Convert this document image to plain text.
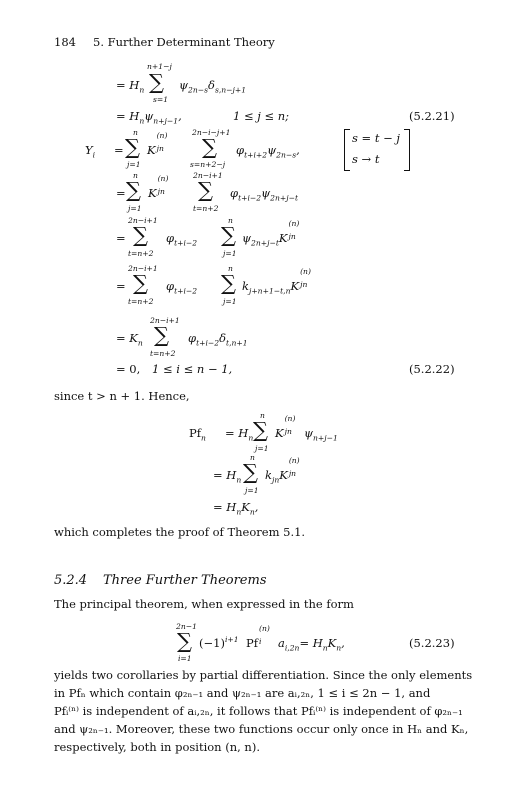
184 5. Further Determinant Theory
= $H_n$
n+1−j
∑
s=1
$\psi_{2n-s}\delta_{s,n-j+1}$
= $H_n\psi_{n+j-1}$,	1 ≤ j ≤ n;	(5.2.21)
$Y_i$ =
n
∑
j=1
K
(n)
jn
2n−i−j+1
∑
s=n+2−j
$\varphi_{t+i+2}\psi_{2n-s}$,
s = t − j
s → t
=
n
∑
j=1
K
(n)
jn
2n−i+1
∑
t=n+2
$\varphi_{t+i-2}\psi_{2n+j-t}$
=
2n−i+1
∑
t=n+2
$\varphi_{t+i-2}$
n
∑
j=1
$\psi_{2n+j-t}K$
(n)
jn
=
2n−i+1
∑
t=n+2
$\varphi_{t+i-2}$
n
∑
j=1
$k_{j+n+1-t,n}K$
(n)
jn
= $K_n$
2n−i+1
∑
t=n+2
$\varphi_{t+i-2}\delta_{t,n+1}$
= 0, 1 ≤ i ≤ n − 1,	(5.2.22)
since t > n + 1. Hence,
$Pf_n = H_n$
n
∑
j=1
K
(n)
jn $\psi_{n+j-1}$
= $H_n$
n
∑
j=1
$k_{jn}K$
(n)
jn
= $H_nK_n$,
which completes the proof of Theorem 5.1.
5.2.4 Three Further Theorems
The principal theorem, when expressed in the form
2n−1
∑
i=1
$(-1)^{i+1}$ Pf
(n)
i $a_{i,2n}= H_nK_n$,	(5.2.23)
yields two corollaries by partial differentiation. Since the only elements
in Pfₙ which contain φ₂ₙ₋₁ and ψ₂ₙ₋₁ are aᵢ,₂ₙ, 1 ≤ i ≤ 2n − 1, and
Pfᵢ⁽ⁿ⁾ is independent of aᵢ,₂ₙ, it follows that Pfᵢ⁽ⁿ⁾ is independent of φ₂ₙ₋₁
and ψ₂ₙ₋₁. Moreover, these two functions occur only once in Hₙ and Kₙ,
respectively, both in position (n, n).
